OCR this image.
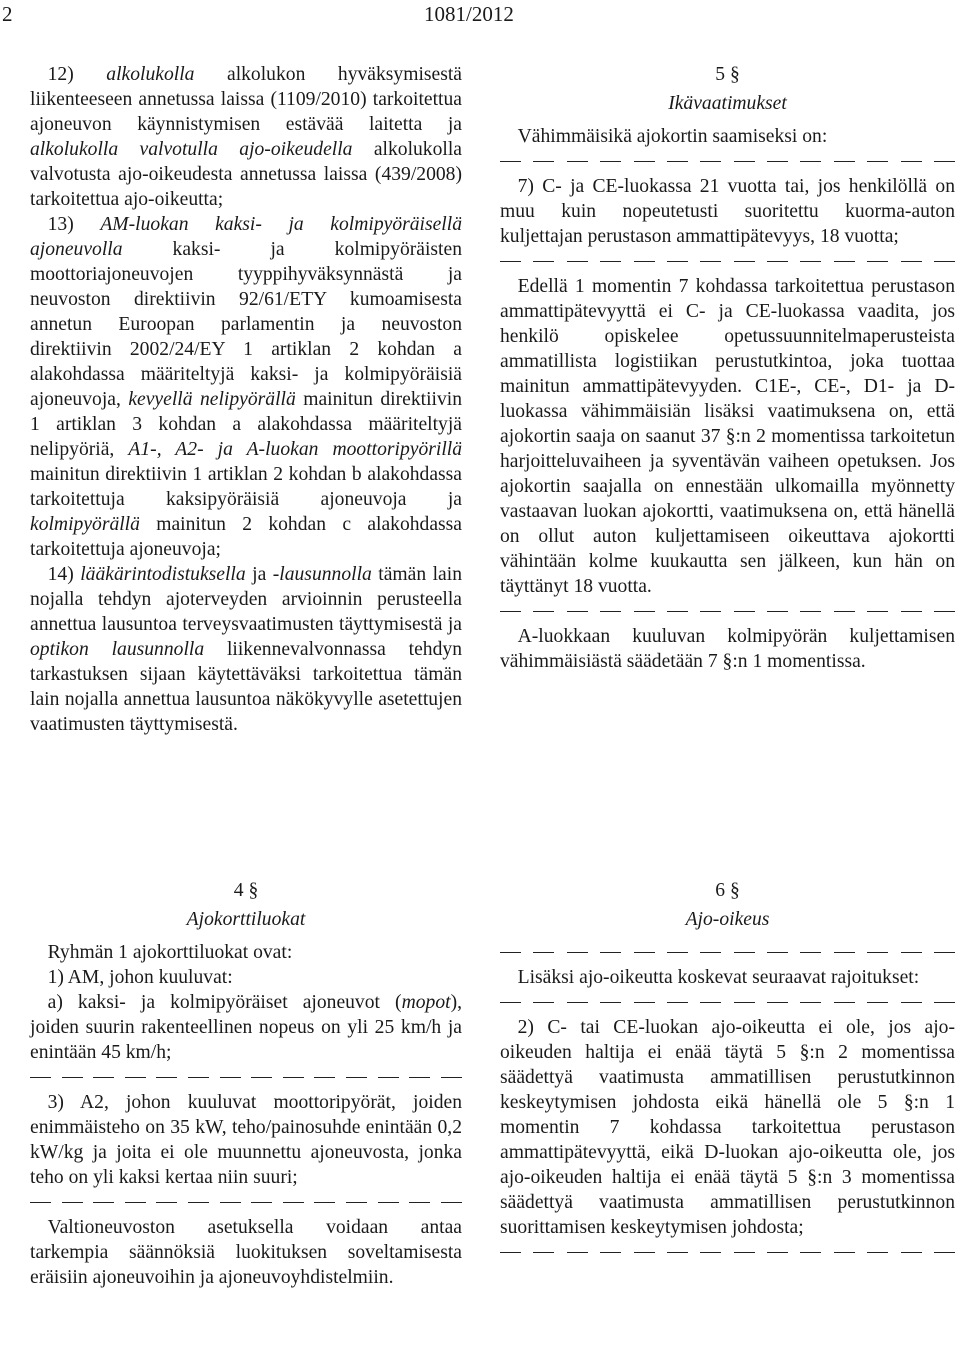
2	1081/2012

12) alkolukolla alkolukon hyväksymisestä liikenteeseen annetussa laissa (1109/2010) tarkoitettua ajoneuvon käynnistymisen estävää laitetta ja alkolukolla valvotulla ajo-oikeudella alkolukolla valvotusta ajo-oikeudesta annetussa laissa (439/2008) tarkoitettua ajo-oikeutta;

13) AM-luokan kaksi- ja kolmipyöräisellä ajoneuvolla kaksi- ja kolmipyöräisten moottoriajoneuvojen tyyppihyväksynnästä ja neuvoston direktiivin 92/61/ETY kumoamisesta annetun Euroopan parlamentin ja neuvoston direktiivin 2002/24/EY 1 artiklan 2 kohdan a alakohdassa määriteltyjä kaksi- ja kolmipyöräisiä ajoneuvoja, kevyellä nelipyörällä mainitun direktiivin 1 artiklan 3 kohdan a alakohdassa määriteltyjä nelipyöriä, A1-, A2- ja A-luokan moottoripyörillä mainitun direktiivin 1 artiklan 2 kohdan b alakohdassa tarkoitettuja kaksipyöräisiä ajoneuvoja ja kolmipyörällä mainitun 2 kohdan c alakohdassa tarkoitettuja ajoneuvoja;

14) lääkärintodistuksella ja -lausunnolla tämän lain nojalla tehdyn ajoterveyden arvioinnin perusteella annettua lausuntoa terveysvaatimusten täyttymisestä ja optikon lausunnolla liikennevalvonnassa tehdyn tarkastuksen sijaan käytettäväksi tarkoitettua tämän lain nojalla annettua lausuntoa näkökyvylle asetettujen vaatimusten täyttymisestä.

5 §

Ikävaatimukset

Vähimmäisikä ajokortin saamiseksi on:

7) C- ja CE-luokassa 21 vuotta tai, jos henkilöllä on muu kuin nopeutetusti suoritettu kuorma-auton kuljettajan perustason ammattipätevyys, 18 vuotta;

Edellä 1 momentin 7 kohdassa tarkoitettua perustason ammattipätevyyttä ei C- ja CE-luokassa vaadita, jos henkilö opiskelee opetussuunnitelmaperusteista ammatillista logistiikan perustutkintoa, joka tuottaa mainitun ammattipätevyyden. C1E-, CE-, D1- ja D-luokassa vähimmäisiän lisäksi vaatimuksena on, että ajokortin saaja on saanut 37 §:n 2 momentissa tarkoitetun harjoitteluvaiheen ja syventävän vaiheen opetuksen. Jos ajokortin saajalla on ennestään ulkomailla myönnetty vastaavan luokan ajokortti, vaatimuksena on, että hänellä on ollut auton kuljettamiseen oikeuttava ajokortti vähintään kolme kuukautta sen jälkeen, kun hän on täyttänyt 18 vuotta.

A-luokkaan kuuluvan kolmipyörän kuljettamisen vähimmäisiästä säädetään 7 §:n 1 momentissa.

4 §

Ajokorttiluokat

Ryhmän 1 ajokorttiluokat ovat:

1) AM, johon kuuluvat:

a) kaksi- ja kolmipyöräiset ajoneuvot (mopot), joiden suurin rakenteellinen nopeus on yli 25 km/h ja enintään 45 km/h;

3) A2, johon kuuluvat moottoripyörät, joiden enimmäisteho on 35 kW, teho/painosuhde enintään 0,2 kW/kg ja joita ei ole muunnettu ajoneuvosta, jonka teho on yli kaksi kertaa niin suuri;

Valtioneuvoston asetuksella voidaan antaa tarkempia säännöksiä luokituksen soveltamisesta eräisiin ajoneuvoihin ja ajoneuvoyhdistelmiin.

6 §

Ajo-oikeus

Lisäksi ajo-oikeutta koskevat seuraavat rajoitukset:

2) C- tai CE-luokan ajo-oikeutta ei ole, jos ajo-oikeuden haltija ei enää täytä 5 §:n 2 momentissa säädettyä vaatimusta ammatillisen perustutkinnon keskeytymisen johdosta eikä hänellä ole 5 §:n 1 momentin 7 kohdassa tarkoitettua perustason ammattipätevyyttä, eikä D-luokan ajo-oikeutta ole, jos ajo-oikeuden haltija ei enää täytä 5 §:n 3 momentissa säädettyä vaatimusta ammatillisen perustutkinnon suorittamisen keskeytymisen johdosta;
